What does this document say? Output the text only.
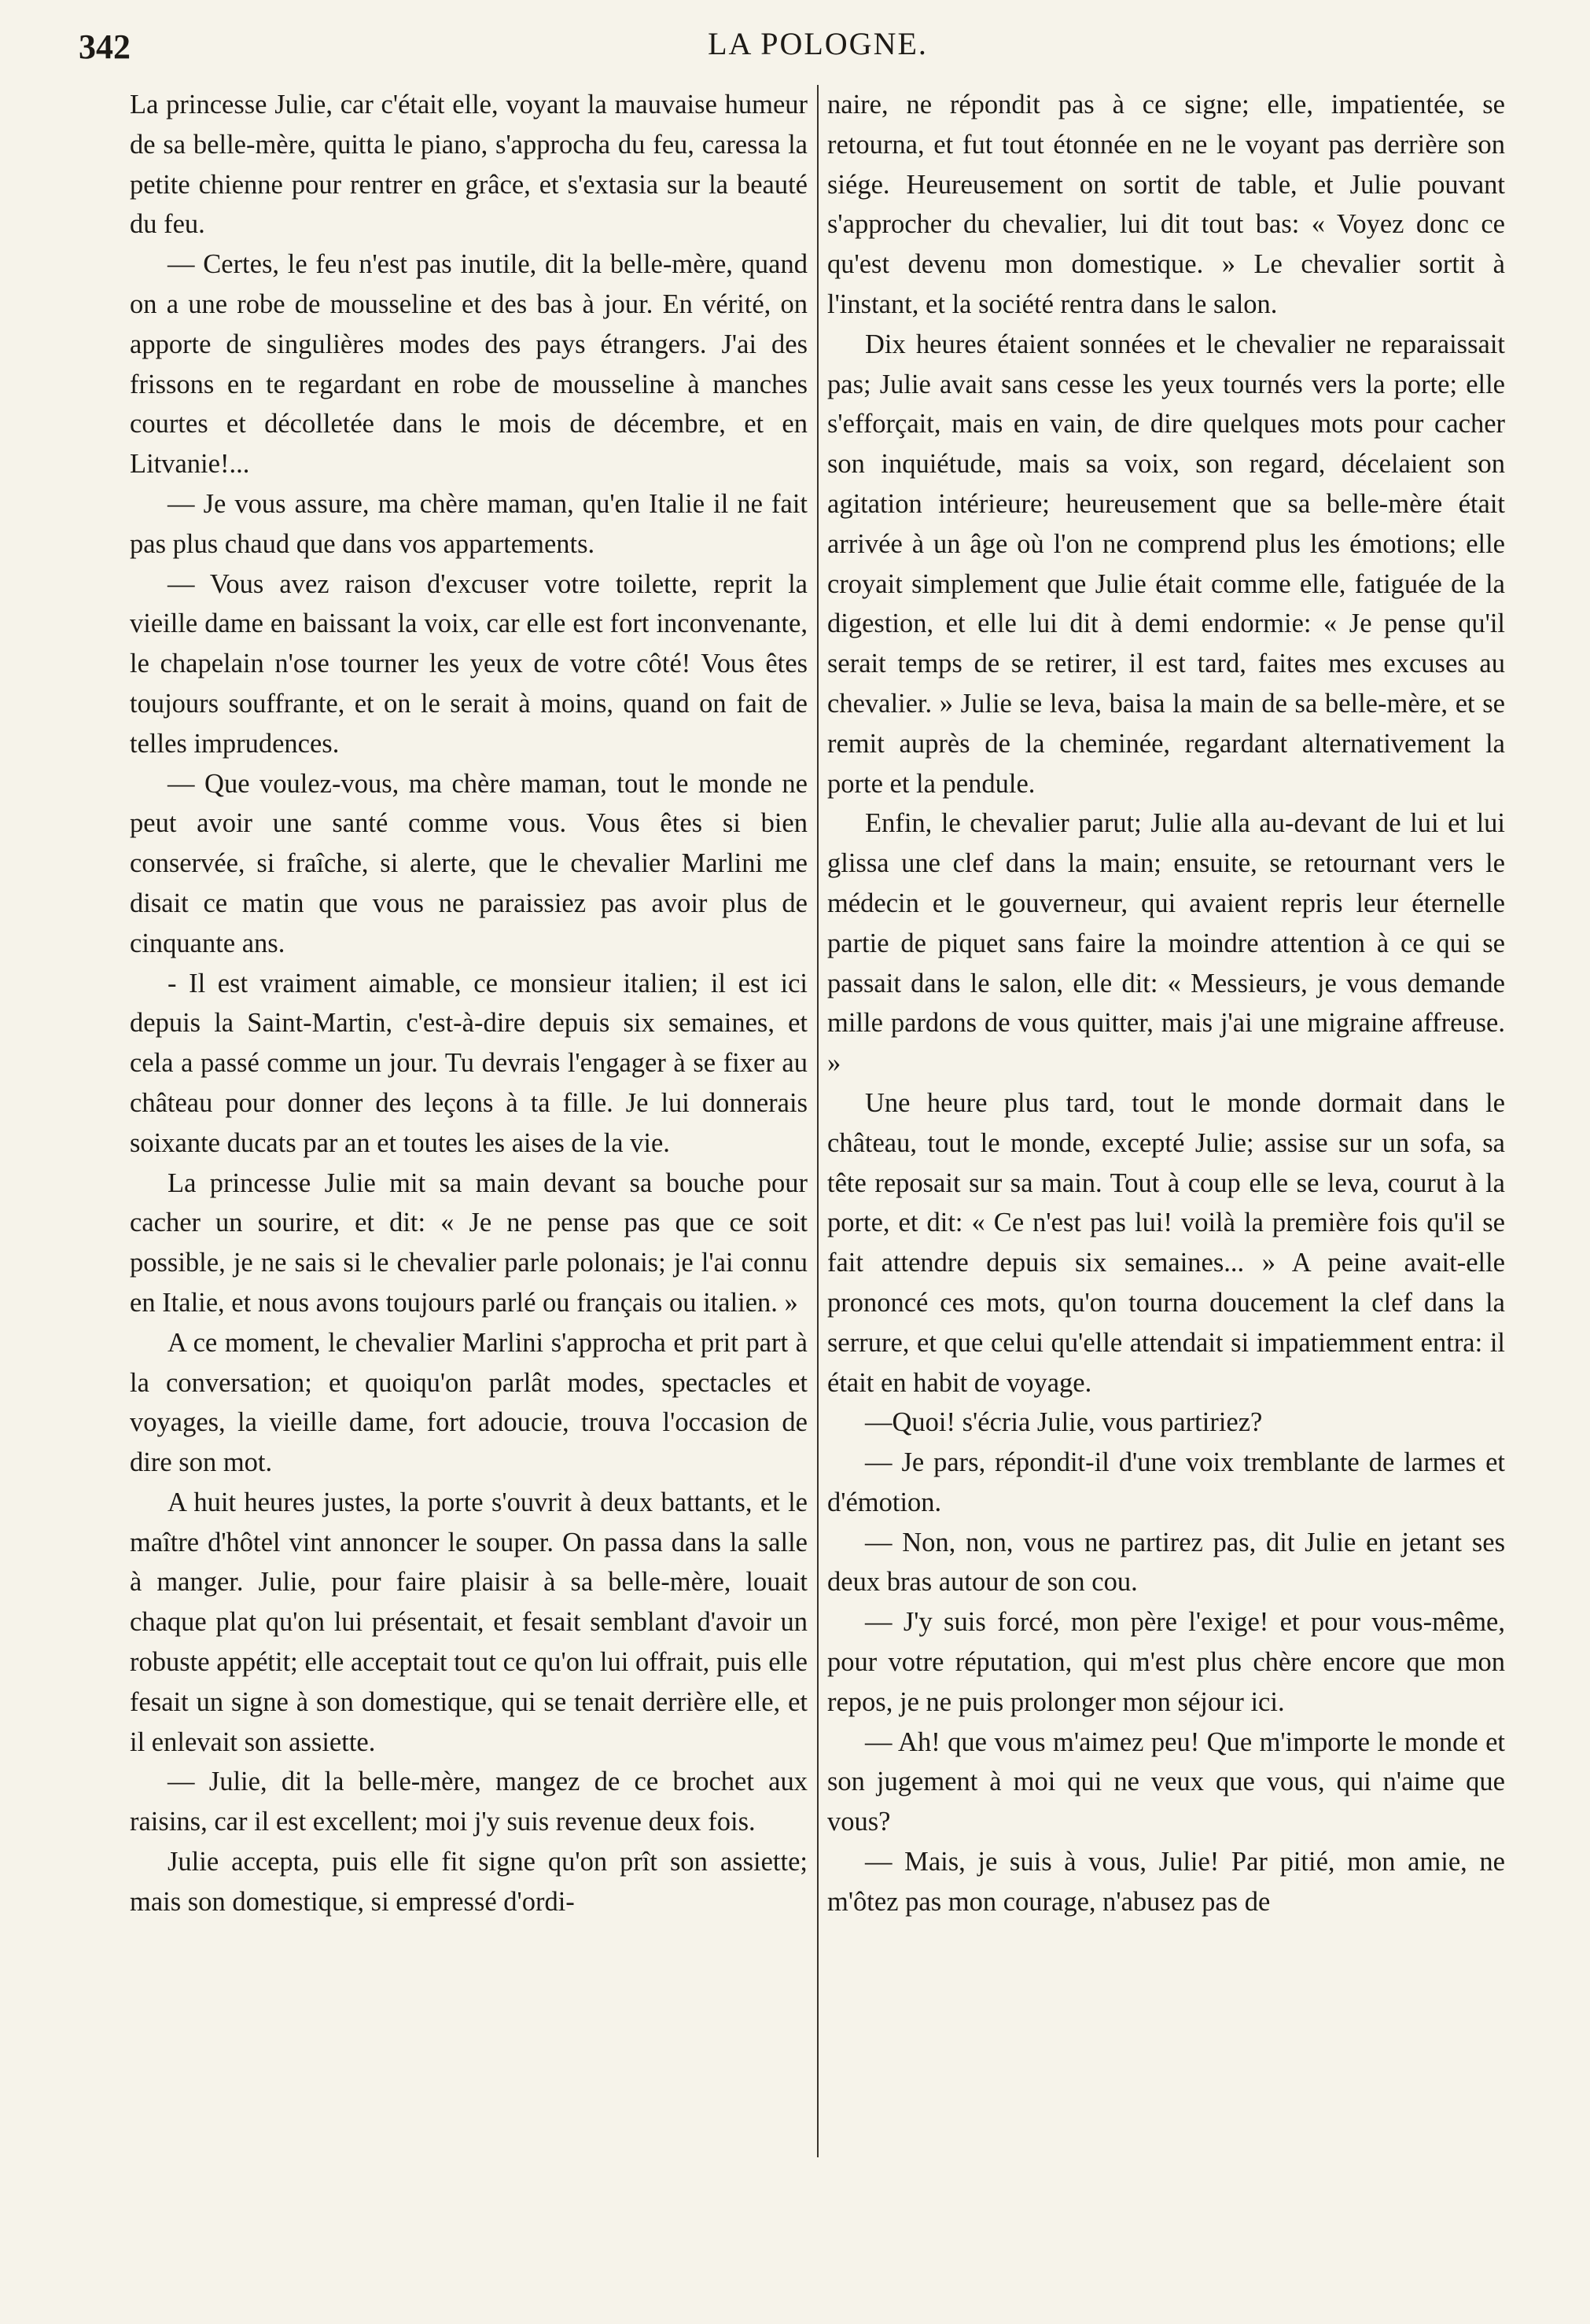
342	LA POLOGNE.

La princesse Julie, car c'était elle, voyant la mauvaise humeur de sa belle-mère, quitta le piano, s'approcha du feu, caressa la petite chienne pour rentrer en grâce, et s'extasia sur la beauté du feu.

— Certes, le feu n'est pas inutile, dit la belle-mère, quand on a une robe de mousseline et des bas à jour. En vérité, on apporte de singulières modes des pays étrangers. J'ai des frissons en te regardant en robe de mousseline à manches courtes et décolletée dans le mois de décembre, et en Litvanie!...

— Je vous assure, ma chère maman, qu'en Italie il ne fait pas plus chaud que dans vos appartements.

— Vous avez raison d'excuser votre toilette, reprit la vieille dame en baissant la voix, car elle est fort inconvenante, le chapelain n'ose tourner les yeux de votre côté! Vous êtes toujours souffrante, et on le serait à moins, quand on fait de telles imprudences.

— Que voulez-vous, ma chère maman, tout le monde ne peut avoir une santé comme vous. Vous êtes si bien conservée, si fraîche, si alerte, que le chevalier Marlini me disait ce matin que vous ne paraissiez pas avoir plus de cinquante ans.

- Il est vraiment aimable, ce monsieur italien; il est ici depuis la Saint-Martin, c'est-à-dire depuis six semaines, et cela a passé comme un jour. Tu devrais l'engager à se fixer au château pour donner des leçons à ta fille. Je lui donnerais soixante ducats par an et toutes les aises de la vie.

La princesse Julie mit sa main devant sa bouche pour cacher un sourire, et dit: « Je ne pense pas que ce soit possible, je ne sais si le chevalier parle polonais; je l'ai connu en Italie, et nous avons toujours parlé ou français ou italien. »

A ce moment, le chevalier Marlini s'approcha et prit part à la conversation; et quoiqu'on parlât modes, spectacles et voyages, la vieille dame, fort adoucie, trouva l'occasion de dire son mot.

A huit heures justes, la porte s'ouvrit à deux battants, et le maître d'hôtel vint annoncer le souper. On passa dans la salle à manger. Julie, pour faire plaisir à sa belle-mère, louait chaque plat qu'on lui présentait, et fesait semblant d'avoir un robuste appétit; elle acceptait tout ce qu'on lui offrait, puis elle fesait un signe à son domestique, qui se tenait derrière elle, et il enlevait son assiette.

— Julie, dit la belle-mère, mangez de ce brochet aux raisins, car il est excellent; moi j'y suis revenue deux fois.

Julie accepta, puis elle fit signe qu'on prît son assiette; mais son domestique, si empressé d'ordi-

naire, ne répondit pas à ce signe; elle, impatientée, se retourna, et fut tout étonnée en ne le voyant pas derrière son siége. Heureusement on sortit de table, et Julie pouvant s'approcher du chevalier, lui dit tout bas: « Voyez donc ce qu'est devenu mon domestique. » Le chevalier sortit à l'instant, et la société rentra dans le salon.

Dix heures étaient sonnées et le chevalier ne reparaissait pas; Julie avait sans cesse les yeux tournés vers la porte; elle s'efforçait, mais en vain, de dire quelques mots pour cacher son inquiétude, mais sa voix, son regard, décelaient son agitation intérieure; heureusement que sa belle-mère était arrivée à un âge où l'on ne comprend plus les émotions; elle croyait simplement que Julie était comme elle, fatiguée de la digestion, et elle lui dit à demi endormie: « Je pense qu'il serait temps de se retirer, il est tard, faites mes excuses au chevalier. » Julie se leva, baisa la main de sa belle-mère, et se remit auprès de la cheminée, regardant alternativement la porte et la pendule.

Enfin, le chevalier parut; Julie alla au-devant de lui et lui glissa une clef dans la main; ensuite, se retournant vers le médecin et le gouverneur, qui avaient repris leur éternelle partie de piquet sans faire la moindre attention à ce qui se passait dans le salon, elle dit: « Messieurs, je vous demande mille pardons de vous quitter, mais j'ai une migraine affreuse. »

Une heure plus tard, tout le monde dormait dans le château, tout le monde, excepté Julie; assise sur un sofa, sa tête reposait sur sa main. Tout à coup elle se leva, courut à la porte, et dit: « Ce n'est pas lui! voilà la première fois qu'il se fait attendre depuis six semaines... » A peine avait-elle prononcé ces mots, qu'on tourna doucement la clef dans la serrure, et que celui qu'elle attendait si impatiemment entra: il était en habit de voyage.

—Quoi! s'écria Julie, vous partiriez?

— Je pars, répondit-il d'une voix tremblante de larmes et d'émotion.

— Non, non, vous ne partirez pas, dit Julie en jetant ses deux bras autour de son cou.

— J'y suis forcé, mon père l'exige! et pour vous-même, pour votre réputation, qui m'est plus chère encore que mon repos, je ne puis prolonger mon séjour ici.

— Ah! que vous m'aimez peu! Que m'importe le monde et son jugement à moi qui ne veux que vous, qui n'aime que vous?

— Mais, je suis à vous, Julie! Par pitié, mon amie, ne m'ôtez pas mon courage, n'abusez pas de
